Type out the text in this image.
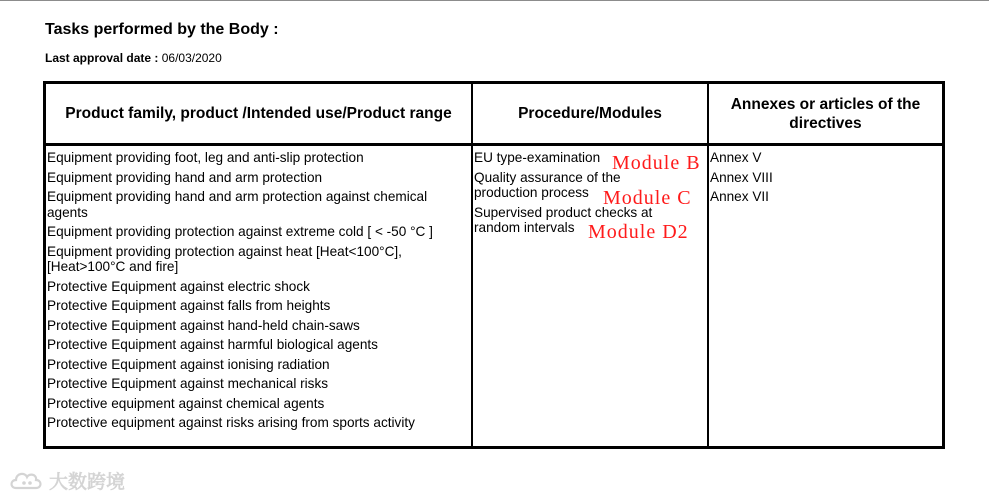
Tasks performed by the Body :
Last approval date : 06/03/2020
Product family, product /Intended use/Product range	Procedure/Modules
Annexes or articles of the directives
Equipment providing foot, leg and anti-slip protection
Equipment providing hand and arm protection
Equipment providing hand and arm protection against chemical agents
Equipment providing protection against extreme cold [ < -50 °C ]
Equipment providing protection against heat [Heat<100°C], [Heat>100°C and fire]
Protective Equipment against electric shock
Protective Equipment against falls from heights
Protective Equipment against hand-held chain-saws
Protective Equipment against harmful biological agents
Protective Equipment against ionising radiation
Protective Equipment against mechanical risks
Protective equipment against chemical agents
Protective equipment against risks arising from sports activity
EU type-examination
Quality assurance of the production process
Supervised product checks at random intervals
Annex V
Annex VIII
Annex VII
Module B
Module C
Module D2
大数跨境
